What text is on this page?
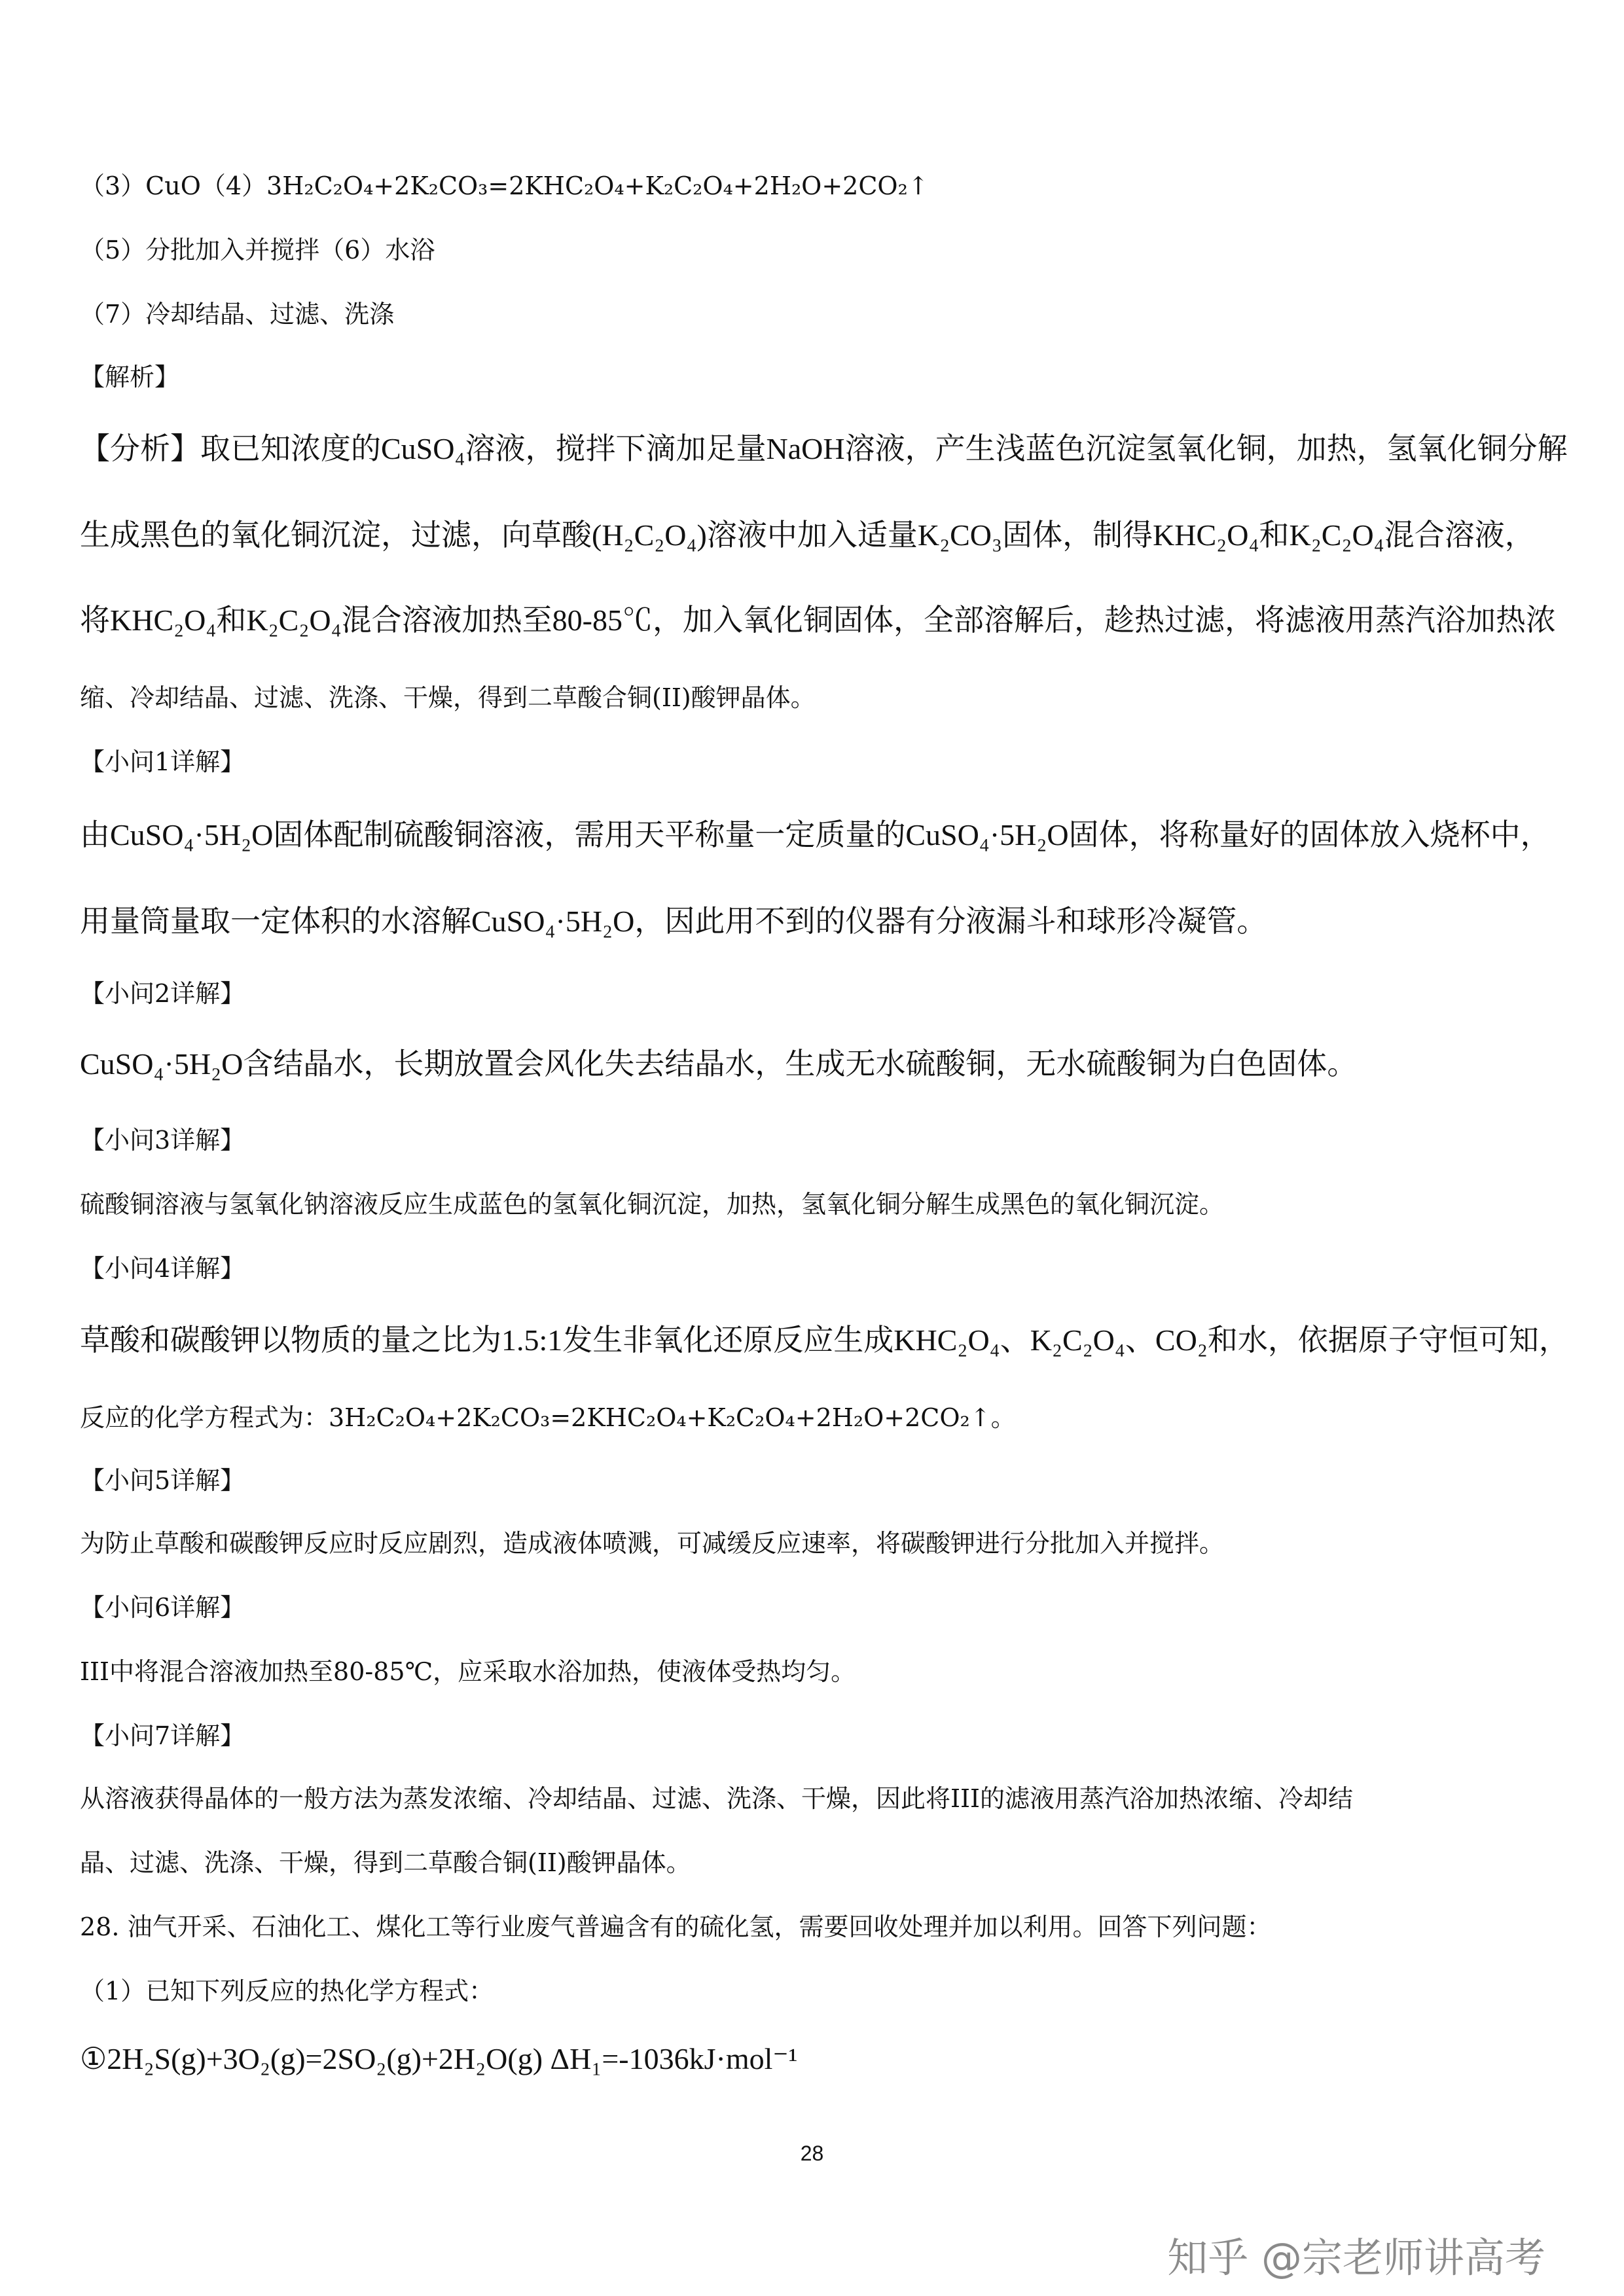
（3）CuO（4）3H₂C₂O₄+2K₂CO₃=2KHC₂O₄+K₂C₂O₄+2H₂O+2CO₂↑
（5）分批加入并搅拌（6）水浴
（7）冷却结晶、过滤、洗涤
【解析】
【分析】取已知浓度的CuSO₄溶液，搅拌下滴加足量NaOH溶液，产生浅蓝色沉淀氢氧化铜，加热，氢氧化铜分解
生成黑色的氧化铜沉淀，过滤，向草酸(H₂C₂O₄)溶液中加入适量K₂CO₃固体，制得KHC₂O₄和K₂C₂O₄混合溶液，
将KHC₂O₄和K₂C₂O₄混合溶液加热至80-85℃，加入氧化铜固体，全部溶解后，趁热过滤，将滤液用蒸汽浴加热浓
缩、冷却结晶、过滤、洗涤、干燥，得到二草酸合铜(II)酸钾晶体。
【小问1详解】
由CuSO₄·5H₂O固体配制硫酸铜溶液，需用天平称量一定质量的CuSO₄·5H₂O固体，将称量好的固体放入烧杯中，
用量筒量取一定体积的水溶解CuSO₄·5H₂O，因此用不到的仪器有分液漏斗和球形冷凝管。
【小问2详解】
CuSO₄·5H₂O含结晶水，长期放置会风化失去结晶水，生成无水硫酸铜，无水硫酸铜为白色固体。
【小问3详解】
硫酸铜溶液与氢氧化钠溶液反应生成蓝色的氢氧化铜沉淀，加热，氢氧化铜分解生成黑色的氧化铜沉淀。
【小问4详解】
草酸和碳酸钾以物质的量之比为1.5:1发生非氧化还原反应生成KHC₂O₄、K₂C₂O₄、CO₂和水，依据原子守恒可知，
反应的化学方程式为：3H₂C₂O₄+2K₂CO₃=2KHC₂O₄+K₂C₂O₄+2H₂O+2CO₂↑。
【小问5详解】
为防止草酸和碳酸钾反应时反应剧烈，造成液体喷溅，可减缓反应速率，将碳酸钾进行分批加入并搅拌。
【小问6详解】
III中将混合溶液加热至80-85℃，应采取水浴加热，使液体受热均匀。
【小问7详解】
从溶液获得晶体的一般方法为蒸发浓缩、冷却结晶、过滤、洗涤、干燥，因此将III的滤液用蒸汽浴加热浓缩、冷却结
晶、过滤、洗涤、干燥，得到二草酸合铜(II)酸钾晶体。
28. 油气开采、石油化工、煤化工等行业废气普遍含有的硫化氢，需要回收处理并加以利用。回答下列问题：
（1）已知下列反应的热化学方程式：
①2H₂S(g)+3O₂(g)=2SO₂(g)+2H₂O(g) ΔH₁=-1036kJ·mol⁻¹
28
知乎 @宗老师讲高考
